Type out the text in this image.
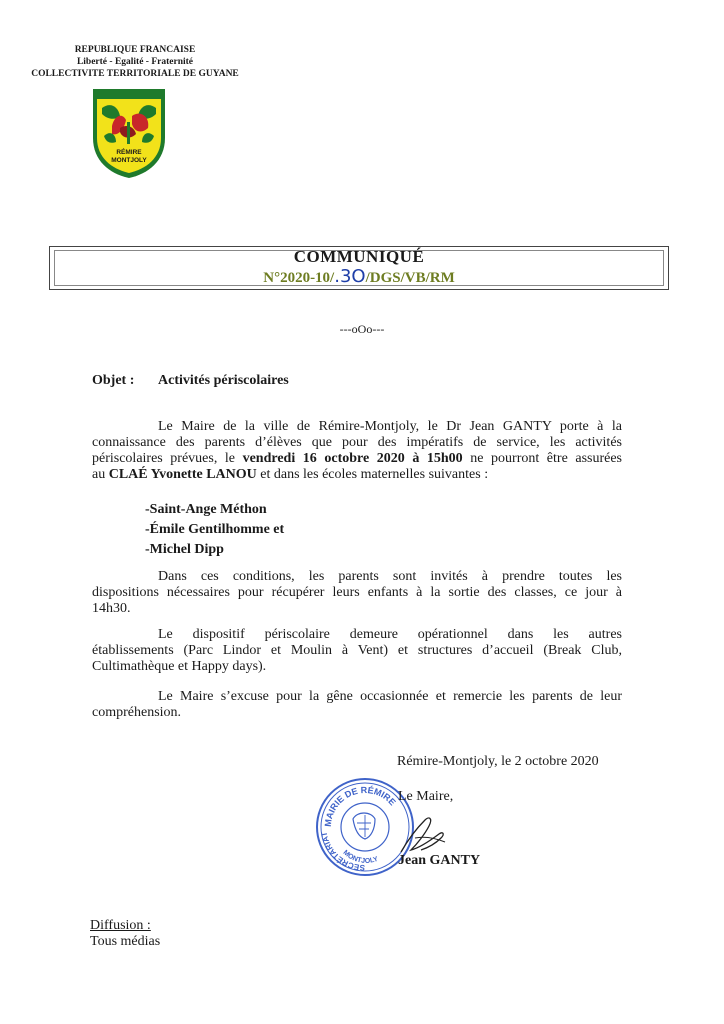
REPUBLIQUE FRANCAISE
Liberté - Egalité - Fraternité
COLLECTIVITE TERRITORIALE DE GUYANE
RÉMIRE
MONTJOLY
COMMUNIQUÉ
N°2020-10/.3O/DGS/VB/RM
---oOo---
Objet : Activités périscolaires
Le Maire de la ville de Rémire-Montjoly, le Dr Jean GANTY porte à la
connaissance des parents d’élèves que pour des impératifs de service, les activités
périscolaires prévues, le vendredi 16 octobre 2020 à 15h00 ne pourront être assurées
au CLAÉ Yvonette LANOU et dans les écoles maternelles suivantes :
-Saint-Ange Méthon
-Émile Gentilhomme et
-Michel Dipp
Dans ces conditions, les parents sont invités à prendre toutes les
dispositions nécessaires pour récupérer leurs enfants à la sortie des classes, ce jour à
14h30.
Le dispositif périscolaire demeure opérationnel dans les autres
établissements (Parc Lindor et Moulin à Vent) et structures d’accueil (Break Club,
Cultimathèque et Happy days).
Le Maire s’excuse pour la gêne occasionnée et remercie les parents de leur
compréhension.
Rémire-Montjoly, le 2 octobre 2020
MAIRIE DE RÉMIRE
SECRÉTARIAT
MONTJOLY
Le Maire,
Jean GANTY
Diffusion :
Tous médias
